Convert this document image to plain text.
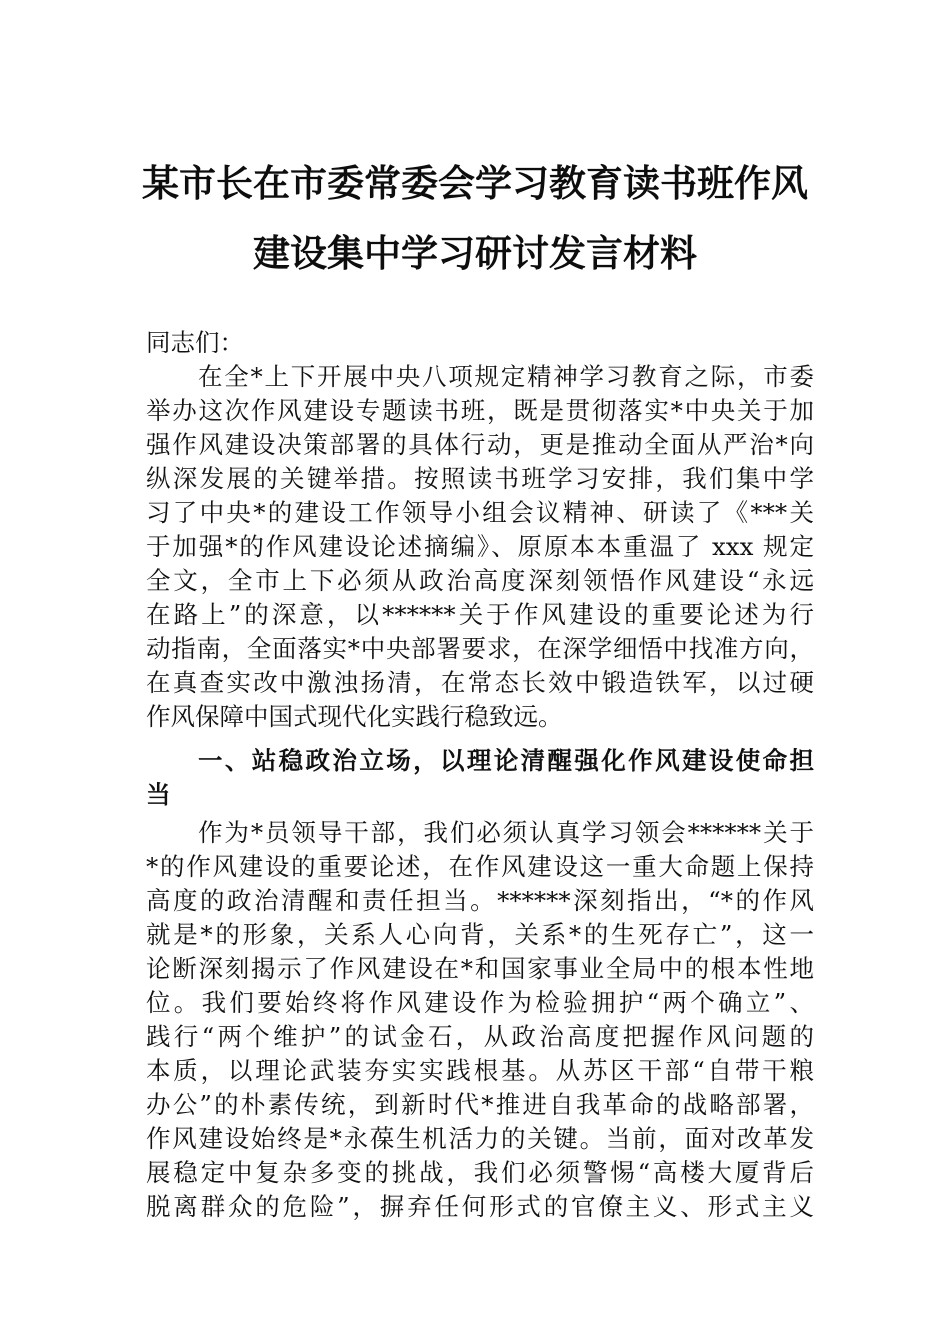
某市长在市委常委会学习教育读书班作风
建设集中学习研讨发言材料
同志们：
在全*上下开展中央八项规定精神学习教育之际，市委
举办这次作风建设专题读书班，既是贯彻落实*中央关于加
强作风建设决策部署的具体行动，更是推动全面从严治*向
纵深发展的关键举措。按照读书班学习安排，我们集中学
习了中央*的建设工作领导小组会议精神、研读了《***关
于加强*的作风建设论述摘编》、原原本本重温了 xxx 规定
全文，全市上下必须从政治高度深刻领悟作风建设“永远
在路上”的深意，以******关于作风建设的重要论述为行
动指南，全面落实*中央部署要求，在深学细悟中找准方向，
在真查实改中激浊扬清，在常态长效中锻造铁军，以过硬
作风保障中国式现代化实践行稳致远。
一、站稳政治立场，以理论清醒强化作风建设使命担
当
作为*员领导干部，我们必须认真学习领会******关于
*的作风建设的重要论述，在作风建设这一重大命题上保持
高度的政治清醒和责任担当。******深刻指出，“*的作风
就是*的形象，关系人心向背，关系*的生死存亡”，这一
论断深刻揭示了作风建设在*和国家事业全局中的根本性地
位。我们要始终将作风建设作为检验拥护“两个确立”、
践行“两个维护”的试金石，从政治高度把握作风问题的
本质，以理论武装夯实实践根基。从苏区干部“自带干粮
办公”的朴素传统，到新时代*推进自我革命的战略部署，
作风建设始终是*永葆生机活力的关键。当前，面对改革发
展稳定中复杂多变的挑战，我们必须警惕“高楼大厦背后
脱离群众的危险”，摒弃任何形式的官僚主义、形式主义
